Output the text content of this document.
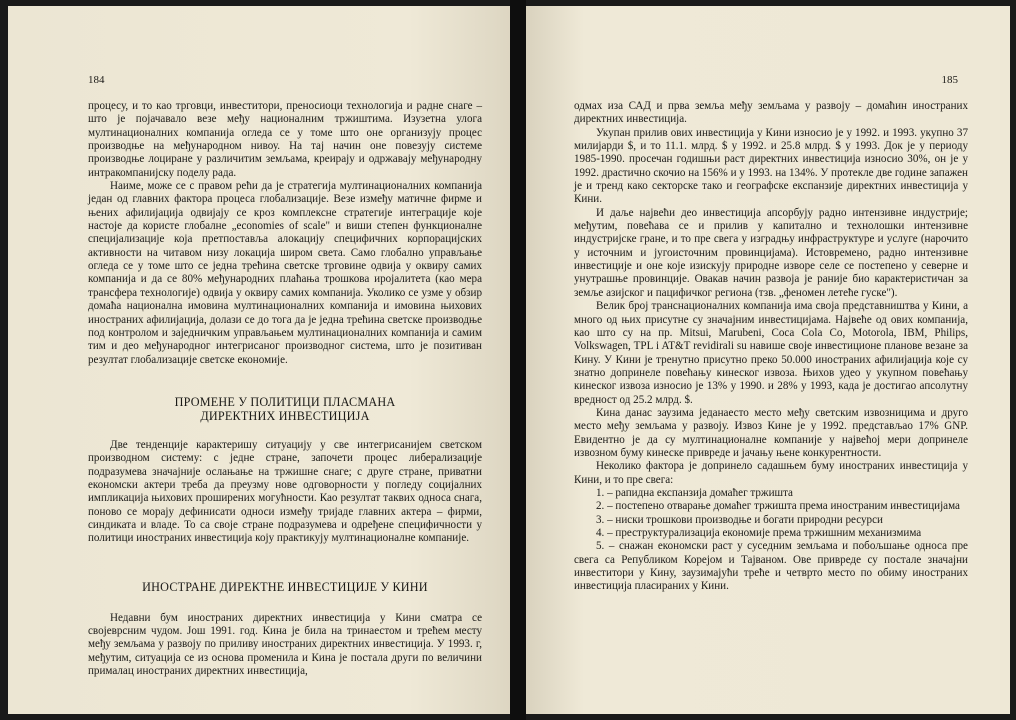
184

процесу, и то као трговци, инвеститори, преносиоци технологија и радне снаге – што је појачавало везе међу националним тржиштима. Изузетна улога мултинационалних компанија огледа се у томе што оне организују процес производње на међународном нивоу. На тај начин оне повезују системе производње лоциране у различитим земљама, креирају и одржавају међународну интракомпанијску поделу рада.

Наиме, може се с правом рећи да је стратегија мултинационалних компанија један од главних фактора процеса глобализације. Везе између матичне фирме и њених афилијација одвијају се кроз комплексне стратегије интеграције које настоје да користе глобалне „economies of scale" и виши степен функционалне специјализације која претпоставља алокацију специфичних корпорацијских активности на читавом низу локација широм света. Само глобално управљање огледа се у томе што се једна трећина светске трговине одвија у оквиру самих компанија и да се 80% међународних плаћања трошкова иројалитета (као мера трансфера технологије) одвија у оквиру самих компанија. Уколико се узме у обзир домаћа национална имовина мултинационалних компанија и имовина њихових иностраних афилијација, долази се до тога да је једна трећина светске производње под контролом и заједничким управљањем мултинационалних компанија и самим тим и део међународног интегрисаног производног система, што је позитиван резултат глобализације светске економије.

ПРОМЕНЕ У ПОЛИТИЦИ ПЛАСМАНА
ДИРЕКТНИХ ИНВЕСТИЦИЈА

Две тенденције карактеришу ситуацију у све интегрисанијем светском производном систему: с једне стране, започети процес либерализације подразумева значајније ослањање на тржишне снаге; с друге стране, приватни економски актери треба да преузму нове одговорности у погледу социјалних импликација њихових проширених могућности. Као резултат таквих односа снага, поново се морају дефинисати односи између тријаде главних актера – фирми, синдиката и владе. То са своје стране подразумева и одређене специфичности у политици иностраних инвестиција коју практикују мултинационалне компаније.

ИНОСТРАНЕ ДИРЕКТНЕ ИНВЕСТИЦИЈЕ У КИНИ

Недавни бум иностраних директних инвестиција у Кини сматра се својеврсним чудом. Још 1991. год. Кина је била на тринаестом и трећем месту међу земљама у развоју по приливу иностраних директних инвестиција. У 1993. г, међутим, ситуација се из основа променила и Кина је постала други по величини прималац иностраних директних инвестиција,

185

одмах иза САД и прва земља међу земљама у развоју – домаћин иностраних директних инвестиција.

Укупан прилив ових инвестиција у Кини износио је у 1992. и 1993. укупно 37 милијарди $, и то 11.1. млрд. $ у 1992. и 25.8 млрд. $ у 1993. Док је у периоду 1985-1990. просечан годишњи раст директних инвестиција износио 30%, он је у 1992. драстично скочио на 156% и у 1993. на 134%. У протекле две године запажен је и тренд како секторске тако и географске експанзије директних инвестиција у Кини.

И даље највећи део инвестиција апсорбују радно интензивне индустрије; међутим, повећава се и прилив у капитално и технолошки интензивне индустријске гране, и то пре свега у изградњу инфраструктуре и услуге (нарочито у источним и југоисточним провинцијама). Истовремено, радно интензивне инвестиције и оне које изискују природне изворе селе се постепено у северне и унутрашње провинције. Овакав начин развоја је раније био карактеристичан за земље азијског и пацифичког региона (тзв. „феномен летеће гуске").

Велик број транснационалних компанија има своја представништва у Кини, а много од њих присутне су значајним инвестицијама. Највеће од ових компанија, као што су на пр. Mitsui, Marubeni, Coca Cola Co, Motorola, IBM, Philips, Volkswagen, TPL i AT&T revidirali su навише своје инвестиционе планове везане за Кину. У Кини је тренутно присутно преко 50.000 иностраних афилијација које су знатно допринеле повећању кинеског извоза. Њихов удео у укупном повећању кинеског извоза износио је 13% у 1990. и 28% у 1993, када је достигао апсолутну вредност од 25.2 млрд. $.

Кина данас заузима једанаесто место међу светским извозницима и друго место међу земљама у развоју. Извоз Кине је у 1992. представљао 17% GNP. Евидентно је да су мултинационалне компаније у највећој мери допринеле извозном буму кинеске привреде и јачању њене конкурентности.

Неколико фактора је допринело садашњем буму иностраних инвестиција у Кини, и то пре свега:

1. – рапидна експанзија домаћег тржишта

2. – постепено отварање домаћег тржишта према иностраним инвестицијама

3. – ниски трошкови производње и богати природни ресурси

4. – преструктурализација економије према тржишним механизмима

5. – снажан економски раст у суседним земљама и побољшање односа пре свега са Републиком Корејом и Тајваном. Ове привреде су постале значајни инвеститори у Кину, заузимајући треће и четврто место по обиму иностраних инвестиција пласираних у Кини.
